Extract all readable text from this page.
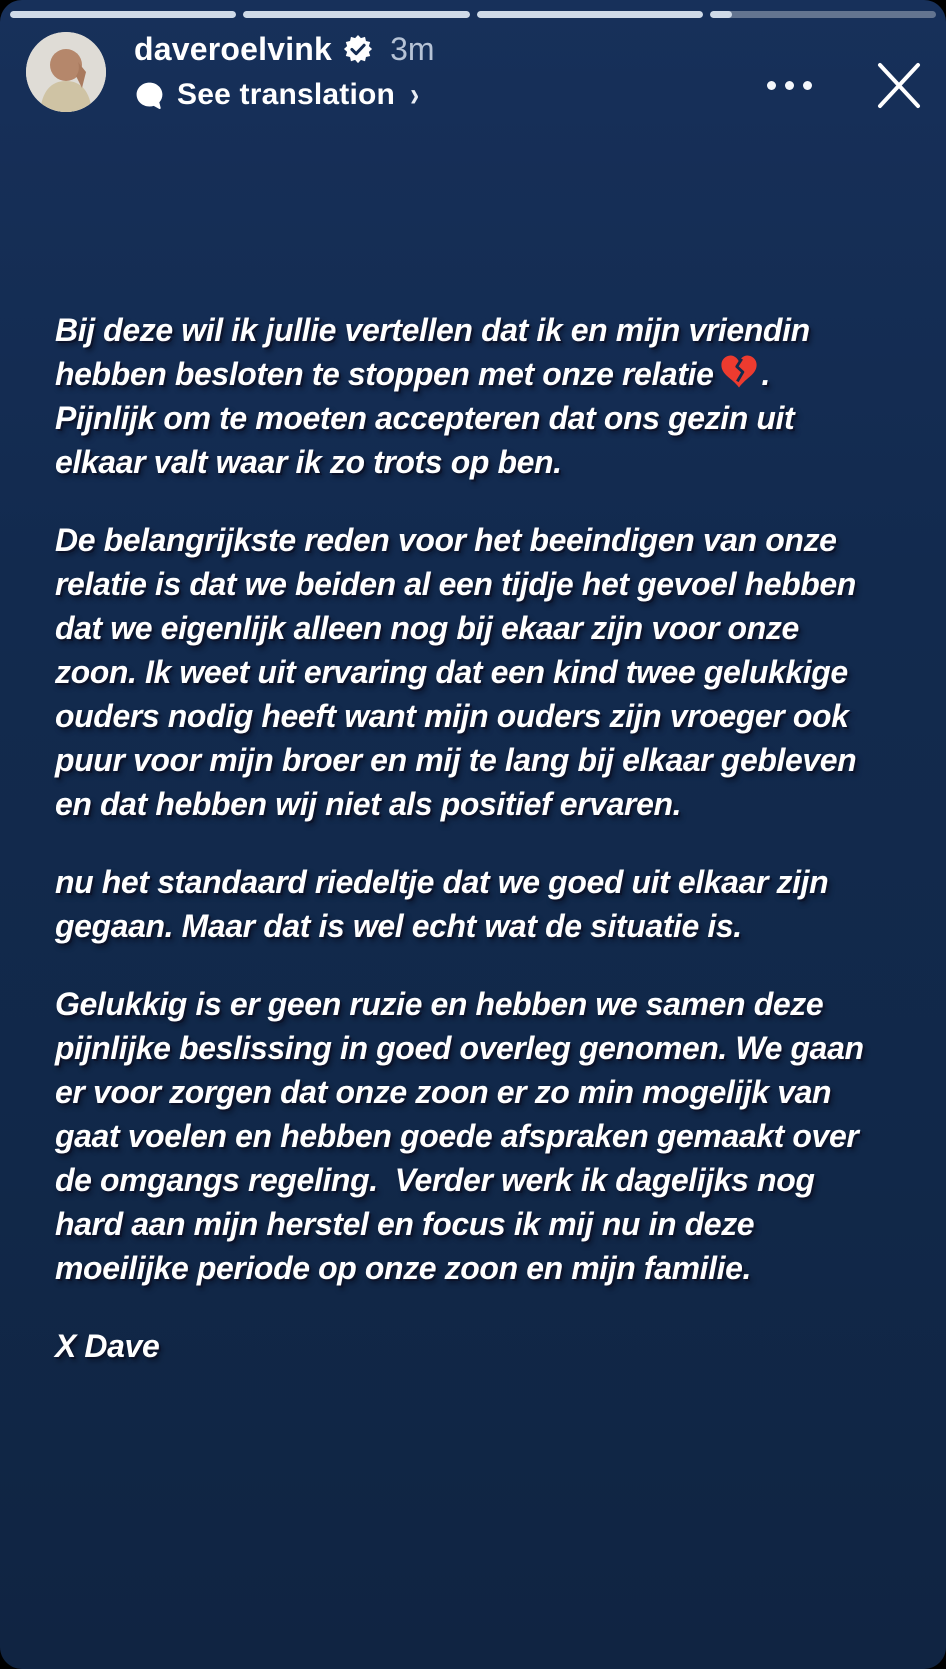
daveroelvink 3m
See translation ›
Bij deze wil ik jullie vertellen dat ik en mijn vriendin
hebben besloten te stoppen met onze relatie .
Pijnlijk om te moeten accepteren dat ons gezin uit
elkaar valt waar ik zo trots op ben.
De belangrijkste reden voor het beeindigen van onze
relatie is dat we beiden al een tijdje het gevoel hebben
dat we eigenlijk alleen nog bij ekaar zijn voor onze
zoon. Ik weet uit ervaring dat een kind twee gelukkige
ouders nodig heeft want mijn ouders zijn vroeger ook
puur voor mijn broer en mij te lang bij elkaar gebleven
en dat hebben wij niet als positief ervaren.
nu het standaard riedeltje dat we goed uit elkaar zijn
gegaan. Maar dat is wel echt wat de situatie is.
Gelukkig is er geen ruzie en hebben we samen deze
pijnlijke beslissing in goed overleg genomen. We gaan
er voor zorgen dat onze zoon er zo min mogelijk van
gaat voelen en hebben goede afspraken gemaakt over
de omgangs regeling.  Verder werk ik dagelijks nog
hard aan mijn herstel en focus ik mij nu in deze
moeilijke periode op onze zoon en mijn familie.
X Dave
